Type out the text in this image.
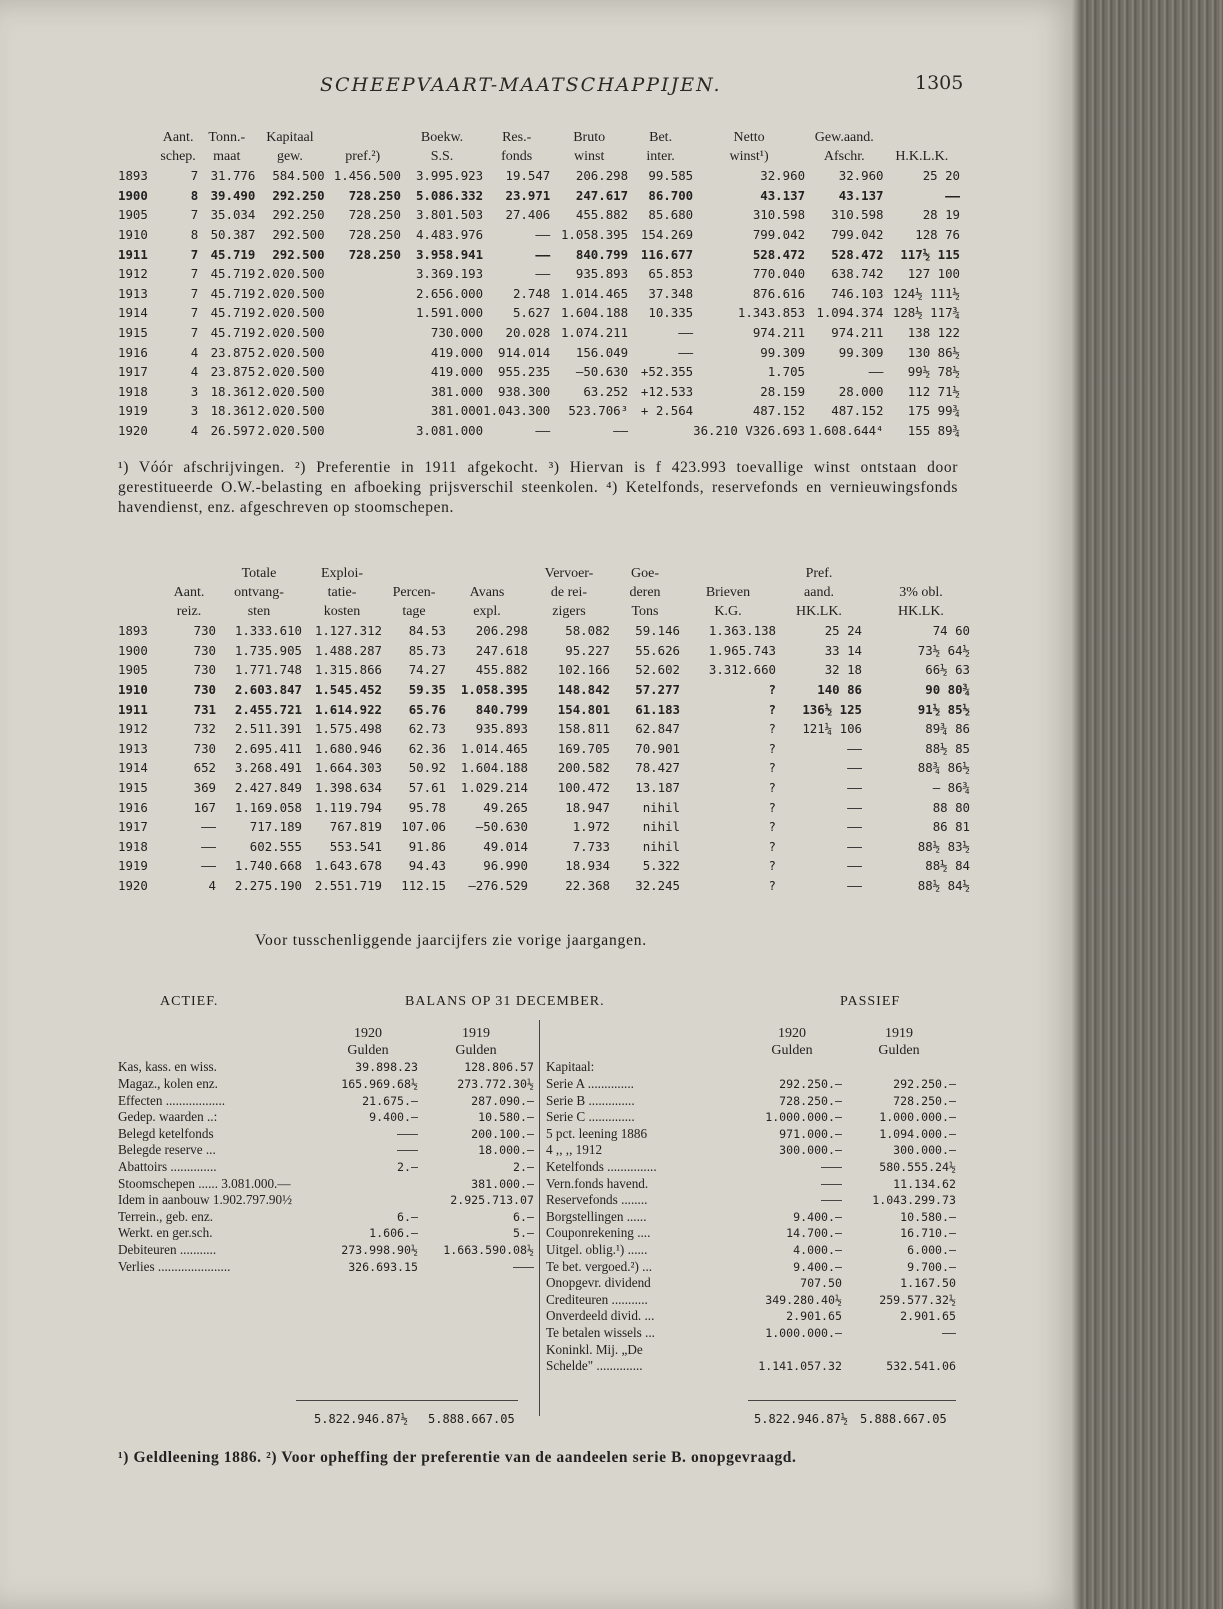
SCHEEPVAART-MAATSCHAPPIJEN.	1305
	Aant.	Tonn.-	Kapitaal		Boekw.	Res.-	Bruto	Bet.	Netto	Gew.aand.	
	schep.	maat	gew.	pref.²)	S.S.	fonds	winst	inter.	winst¹)	Afschr.	H.K.L.K.
1893	7	31.776	584.500	1.456.500	3.995.923	19.547	206.298	99.585	32.960	32.960	25 20
1900	8	39.490	292.250	728.250	5.086.332	23.971	247.617	86.700	43.137	43.137	——
1905	7	35.034	292.250	728.250	3.801.503	27.406	455.882	85.680	310.598	310.598	28 19
1910	8	50.387	292.500	728.250	4.483.976	——	1.058.395	154.269	799.042	799.042	128 76
1911	7	45.719	292.500	728.250	3.958.941	——	840.799	116.677	528.472	528.472	117½ 115
1912	7	45.719	2.020.500		3.369.193	——	935.893	65.853	770.040	638.742	127 100
1913	7	45.719	2.020.500		2.656.000	2.748	1.014.465	37.348	876.616	746.103	124½ 111½
1914	7	45.719	2.020.500		1.591.000	5.627	1.604.188	10.335	1.343.853	1.094.374	128½ 117¾
1915	7	45.719	2.020.500		730.000	20.028	1.074.211	——	974.211	974.211	138 122
1916	4	23.875	2.020.500		419.000	914.014	156.049	——	99.309	99.309	130 86½
1917	4	23.875	2.020.500		419.000	955.235	—50.630	+52.355	1.705	——	99½ 78½
1918	3	18.361	2.020.500		381.000	938.300	63.252	+12.533	28.159	28.000	112 71½
1919	3	18.361	2.020.500		381.000	1.043.300	523.706³	+ 2.564	487.152	487.152	175 99¾
1920	4	26.597	2.020.500		3.081.000	——	——		36.210 V326.693	1.608.644⁴	155 89¾
¹) Vóór afschrijvingen. ²) Preferentie in 1911 afgekocht. ³) Hiervan is f 423.993 toevallige winst ontstaan door gerestitueerde O.W.-belasting en afboeking prijsverschil steenkolen. ⁴) Ketelfonds, reservefonds en vernieuwingsfonds havendienst, enz. afgeschreven op stoomschepen.
		Totale	Exploi-			Vervoer-	Goe-		Pref.		
	Aant.	ontvang-	tatie-	Percen-	Avans	de rei-	deren	Brieven	aand.		3% obl.
	reiz.	sten	kosten	tage	expl.	zigers	Tons	K.G.	HK.LK.		HK.LK.
1893	730	1.333.610	1.127.312	84.53	206.298	58.082	59.146	1.363.138	25 24		74 60
1900	730	1.735.905	1.488.287	85.73	247.618	95.227	55.626	1.965.743	33 14		73½ 64½
1905	730	1.771.748	1.315.866	74.27	455.882	102.166	52.602	3.312.660	32 18		66½ 63
1910	730	2.603.847	1.545.452	59.35	1.058.395	148.842	57.277	?	140 86		90 80¾
1911	731	2.455.721	1.614.922	65.76	840.799	154.801	61.183	?	136½ 125		91½ 85½
1912	732	2.511.391	1.575.498	62.73	935.893	158.811	62.847	?	121¼ 106		89¾ 86
1913	730	2.695.411	1.680.946	62.36	1.014.465	169.705	70.901	?	——		88½ 85
1914	652	3.268.491	1.664.303	50.92	1.604.188	200.582	78.427	?	——		88¾ 86½
1915	369	2.427.849	1.398.634	57.61	1.029.214	100.472	13.187	?	——		— 86¾
1916	167	1.169.058	1.119.794	95.78	49.265	18.947	nihil	?	——		88 80
1917	——	717.189	767.819	107.06	—50.630	1.972	nihil	?	——		86 81
1918	——	602.555	553.541	91.86	49.014	7.733	nihil	?	——		88½ 83½
1919	——	1.740.668	1.643.678	94.43	96.990	18.934	5.322	?	——		88½ 84
1920	4	2.275.190	2.551.719	112.15	—276.529	22.368	32.245	?	——		88½ 84½
Voor tusschenliggende jaarcijfers zie vorige jaargangen.
ACTIEF.	BALANS OP 31 DECEMBER.	PASSIEF
	1920	1919
	Gulden	Gulden
Kas, kass. en wiss.	39.898.23	128.806.57
Magaz., kolen enz.	165.969.68½	273.772.30½
Effecten ..................	21.675.—	287.090.—
Gedep. waarden ..:	9.400.—	10.580.—
Belegd ketelfonds	———	200.100.—
Belegde reserve ...	———	18.000.—
Abattoirs ..............	2.—	2.—
Stoomschepen ...... 3.081.000.—		381.000.—
Idem in aanbouw 1.902.797.90½		2.925.713.07
Terrein., geb. enz.	6.—	6.—
Werkt. en ger.sch.	1.606.—	5.—
Debiteuren ...........	273.998.90½	1.663.590.08½
Verlies ......................	326.693.15	———
	1920	1919
	Gulden	Gulden
Kapitaal:		
Serie A ..............	292.250.—	292.250.—
Serie B ..............	728.250.—	728.250.—
Serie C ..............	1.000.000.—	1.000.000.—
5 pct. leening 1886	971.000.—	1.094.000.—
4 ,, ,, 1912	300.000.—	300.000.—
Ketelfonds ...............	———	580.555.24½
Vern.fonds havend.	———	11.134.62
Reservefonds ........	———	1.043.299.73
Borgstellingen ......	9.400.—	10.580.—
Couponrekening ....	14.700.—	16.710.—
Uitgel. oblig.¹) ......	4.000.—	6.000.—
Te bet. vergoed.²) ...	9.400.—	9.700.—
Onopgevr. dividend	707.50	1.167.50
Crediteuren ...........	349.280.40½	259.577.32½
Onverdeeld divid. ...	2.901.65	2.901.65
Te betalen wissels ...	1.000.000.—	——
Koninkl. Mij. „De		
Schelde" ..............	1.141.057.32	532.541.06
5.822.946.87½ 5.888.667.05	5.822.946.87½ 5.888.667.05
¹) Geldleening 1886. ²) Voor opheffing der preferentie van de aandeelen serie B. onopgevraagd.
